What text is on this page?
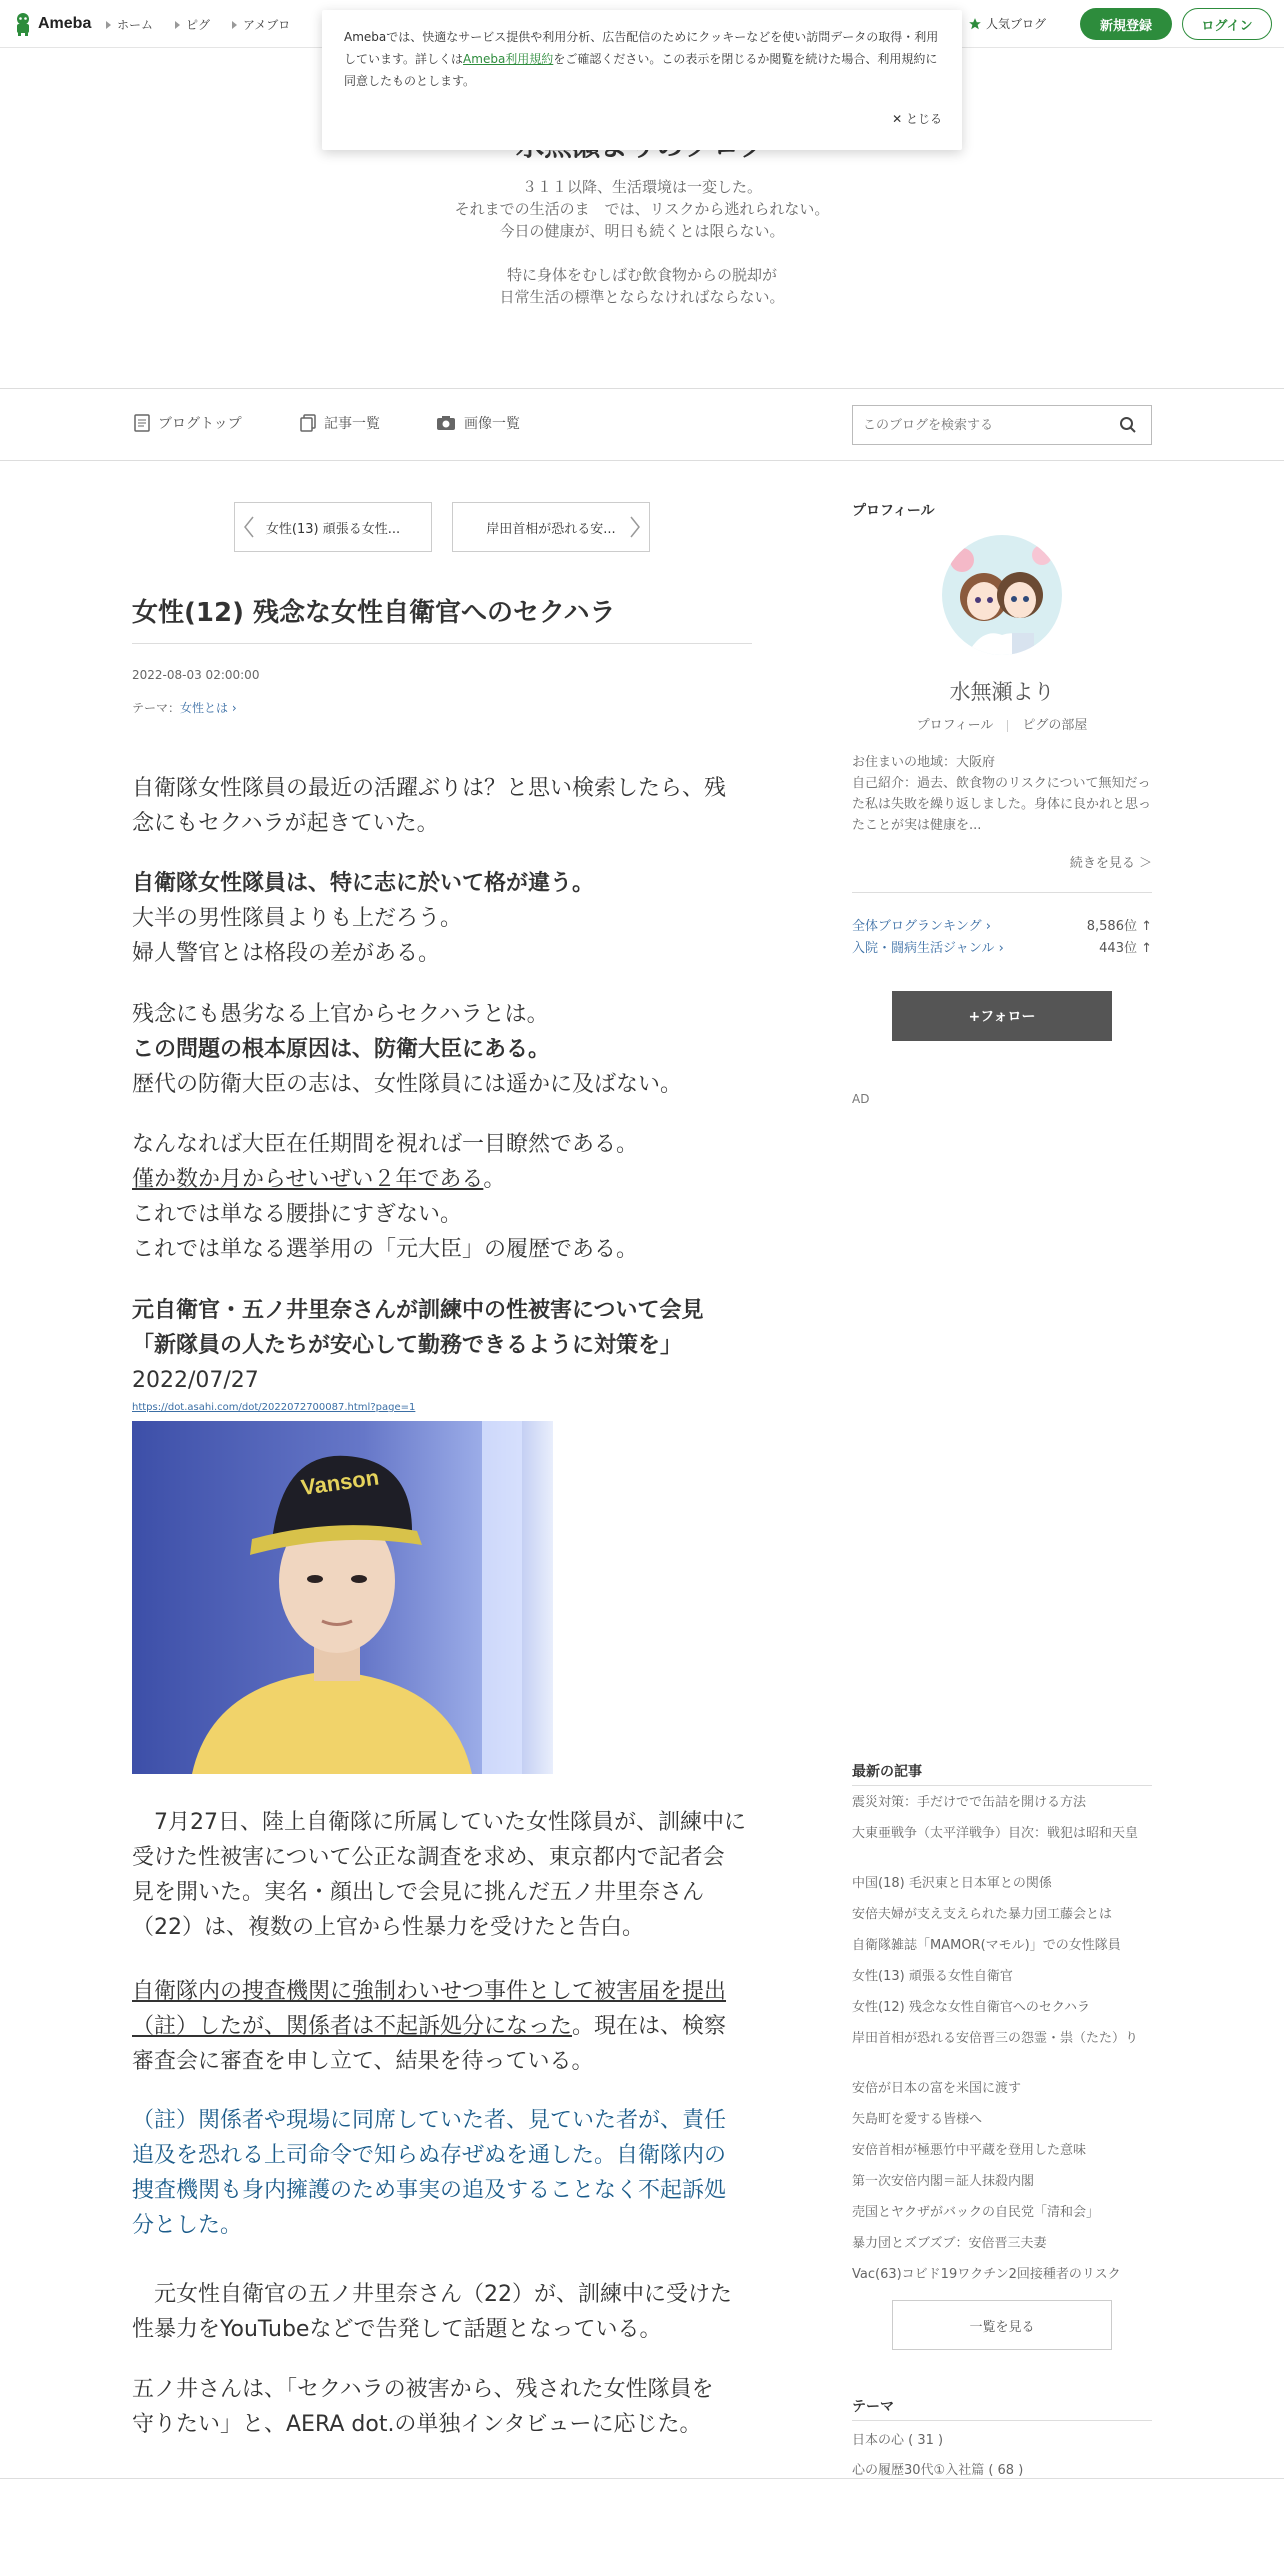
Ameba ホーム	ピグ	アメブロ	人気ブログ	新規登録	ログイン
Amebaでは、快適なサービス提供や利用分析、広告配信のためにクッキーなどを使い訪問データの取得・利用しています。詳しくはAmeba利用規約をご確認ください。この表示を閉じるか閲覧を続けた場合、利用規約に同意したものとします。
✕ とじる
３１１以降、生活環境は一変した。
それまでの生活のま　では、リスクから逃れられない。
今日の健康が、明日も続くとは限らない。
特に身体をむしばむ飲食物からの脱却が
日常生活の標準とならなければならない。
ブログトップ	記事一覧	画像一覧
このブログを検索する
女性(13) 頑張る女性...	岸田首相が恐れる安...
女性(12) 残念な女性自衛官へのセクハラ
2022-08-03 02:00:00
テーマ：女性とは ›
自衛隊女性隊員の最近の活躍ぶりは？と思い検索したら、残
念にもセクハラが起きていた。
自衛隊女性隊員は、特に志に於いて格が違う。
大半の男性隊員よりも上だろう。
婦人警官とは格段の差がある。
残念にも愚劣なる上官からセクハラとは。
この問題の根本原因は、防衛大臣にある。
歴代の防衛大臣の志は、女性隊員には遥かに及ばない。
なんなれば大臣在任期間を視れば一目瞭然である。
僅か数か月からせいぜい２年である。
これでは単なる腰掛にすぎない。
これでは単なる選挙用の「元大臣」の履歴である。
元自衛官・五ノ井里奈さんが訓練中の性被害について会見
「新隊員の人たちが安心して勤務できるように対策を」
2022/07/27
https://dot.asahi.com/dot/2022072700087.html?page=1
Vanson
　7月27日、陸上自衛隊に所属していた女性隊員が、訓練中に
受けた性被害について公正な調査を求め、東京都内で記者会
見を開いた。実名・顔出しで会見に挑んだ五ノ井里奈さん
（22）は、複数の上官から性暴力を受けたと告白。
自衛隊内の捜査機関に強制わいせつ事件として被害届を提出
（註）したが、関係者は不起訴処分になった。現在は、検察
審査会に審査を申し立て、結果を待っている。
（註）関係者や現場に同席していた者、見ていた者が、責任
追及を恐れる上司命令で知らぬ存ぜぬを通した。自衛隊内の
捜査機関も身内擁護のため事実の追及することなく不起訴処
分とした。
　元女性自衛官の五ノ井里奈さん（22）が、訓練中に受けた
性暴力をYouTubeなどで告発して話題となっている。
五ノ井さんは、「セクハラの被害から、残された女性隊員を
守りたい」と、AERA dot.の単独インタビューに応じた。
プロフィール
水無瀬より
プロフィール ピグの部屋
お住まいの地域：大阪府
自己紹介：過去、飲食物のリスクについて無知だった私は失敗を繰り返しました。身体に良かれと思ったことが実は健康を...
続きを見る ＞
全体ブログランキング ›	8,586位 ↑
入院・闘病生活ジャンル ›	443位 ↑
+フォロー
AD
最新の記事
震災対策：手だけでで缶詰を開ける方法
大東亜戦争（太平洋戦争）目次：戦犯は昭和天皇
中国(18) 毛沢東と日本軍との関係
安倍夫婦が支え支えられた暴力団工藤会とは
自衛隊雑誌「MAMOR(マモル)」での女性隊員
女性(13) 頑張る女性自衛官
女性(12) 残念な女性自衛官へのセクハラ
岸田首相が恐れる安倍晋三の怨霊・祟（たた）り
安倍が日本の富を米国に渡す
矢島町を愛する皆様へ
安倍首相が極悪竹中平蔵を登用した意味
第一次安倍内閣＝証人抹殺内閣
売国とヤクザがバックの自民党「清和会」
暴力団とズブズブ：安倍晋三夫妻
Vac(63)コビド19ワクチン2回接種者のリスク
一覧を見る
テーマ
日本の心 ( 31 )
心の履歴30代①入社篇 ( 68 )
